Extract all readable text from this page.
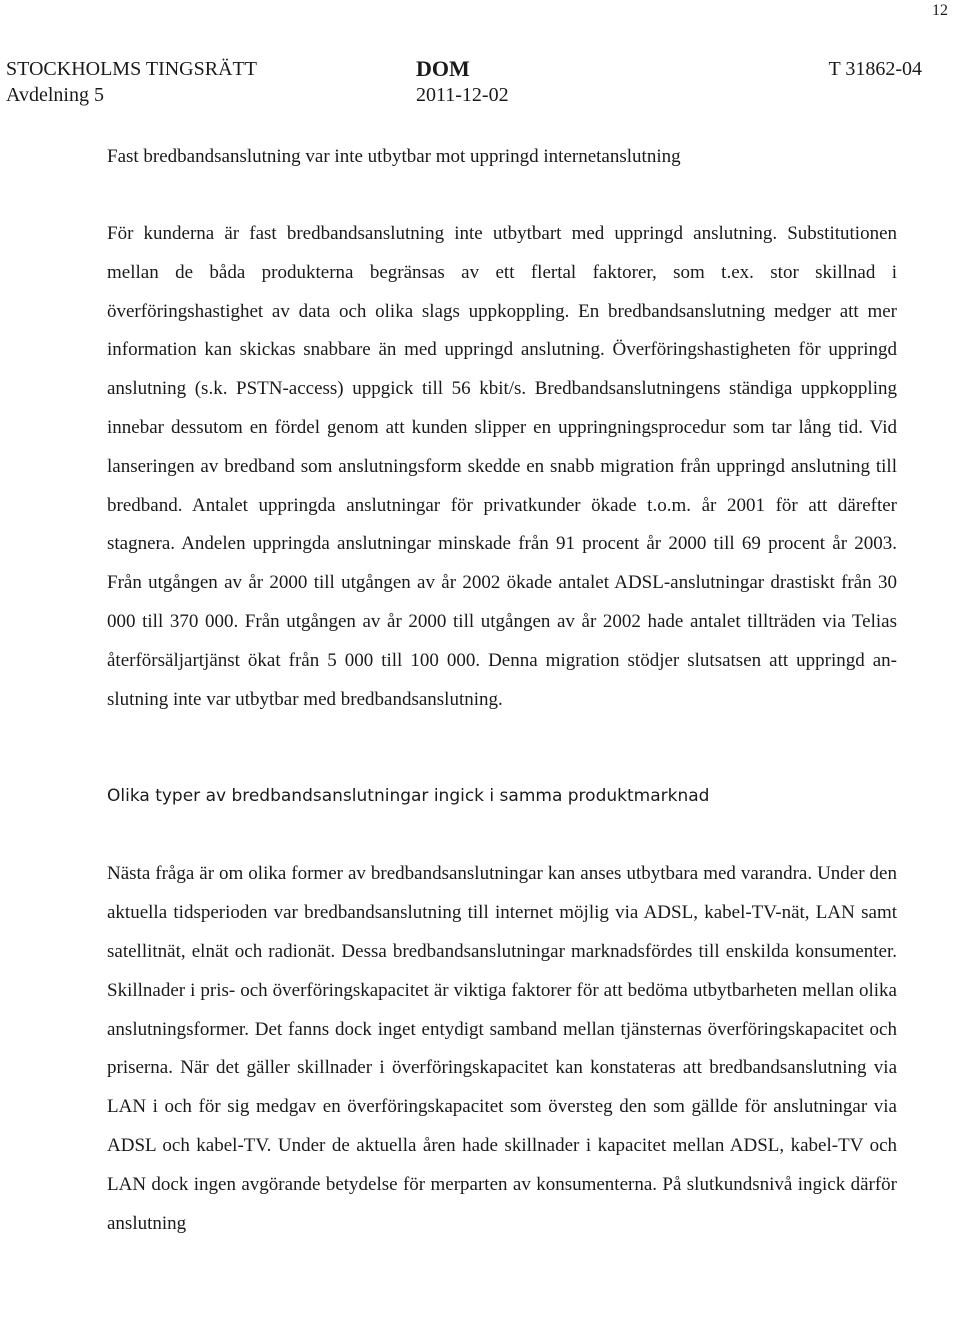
12
STOCKHOLMS TINGSRÄTT
Avdelning 5
DOM
2011-12-02
T 31862-04

Fast bredbandsanslutning var inte utbytbar mot uppringd internetanslutning

För kunderna är fast bredbandsanslutning inte utbytbart med uppringd anslutning. Substitutionen mellan de båda produkterna begränsas av ett flertal faktorer, som t.ex. stor skillnad i överföringshastighet av data och olika slags uppkoppling. En bredbandsanslutning medger att mer information kan skickas snabbare än med uppringd anslutning. Överföringshastigheten för uppringd anslutning (s.k. PSTN-access) uppgick till 56 kbit/s. Bredbandsanslutningens ständiga uppkoppling innebar dessutom en fördel genom att kunden slipper en uppringningsprocedur som tar lång tid. Vid lanseringen av bredband som anslutningsform skedde en snabb migration från uppringd anslutning till bredband. Antalet uppringda anslutningar för privatkunder ökade t.o.m. år 2001 för att därefter stagnera. Andelen uppringda anslutningar minskade från 91 procent år 2000 till 69 procent år 2003. Från utgången av år 2000 till utgången av år 2002 ökade antalet ADSL-anslutningar drastiskt från 30 000 till 370 000. Från utgången av år 2000 till utgången av år 2002 hade antalet tillträden via Telias återförsäljartjänst ökat från 5 000 till 100 000. Denna migration stödjer slutsatsen att uppringd anslutning inte var utbytbar med bredbandsanslutning.

Olika typer av bredbandsanslutningar ingick i samma produktmarknad

Nästa fråga är om olika former av bredbandsanslutningar kan anses utbytbara med varandra. Under den aktuella tidsperioden var bredbandsanslutning till internet möjlig via ADSL, kabel-TV-nät, LAN samt satellitnät, elnät och radionät. Dessa bredbandsanslutningar marknadsfördes till enskilda konsumenter. Skillnader i pris- och överföringskapacitet är viktiga faktorer för att bedöma utbytbarheten mellan olika anslutningsformer. Det fanns dock inget entydigt samband mellan tjänsternas överföringskapacitet och priserna. När det gäller skillnader i överföringskapacitet kan konstateras att bredbandsanslutning via LAN i och för sig medgav en överföringskapacitet som översteg den som gällde för anslutningar via ADSL och kabel-TV. Under de aktuella åren hade skillnader i kapacitet mellan ADSL, kabel-TV och LAN dock ingen avgörande betydelse för merparten av konsumenterna. På slutkundsnivå ingick därför anslutning
